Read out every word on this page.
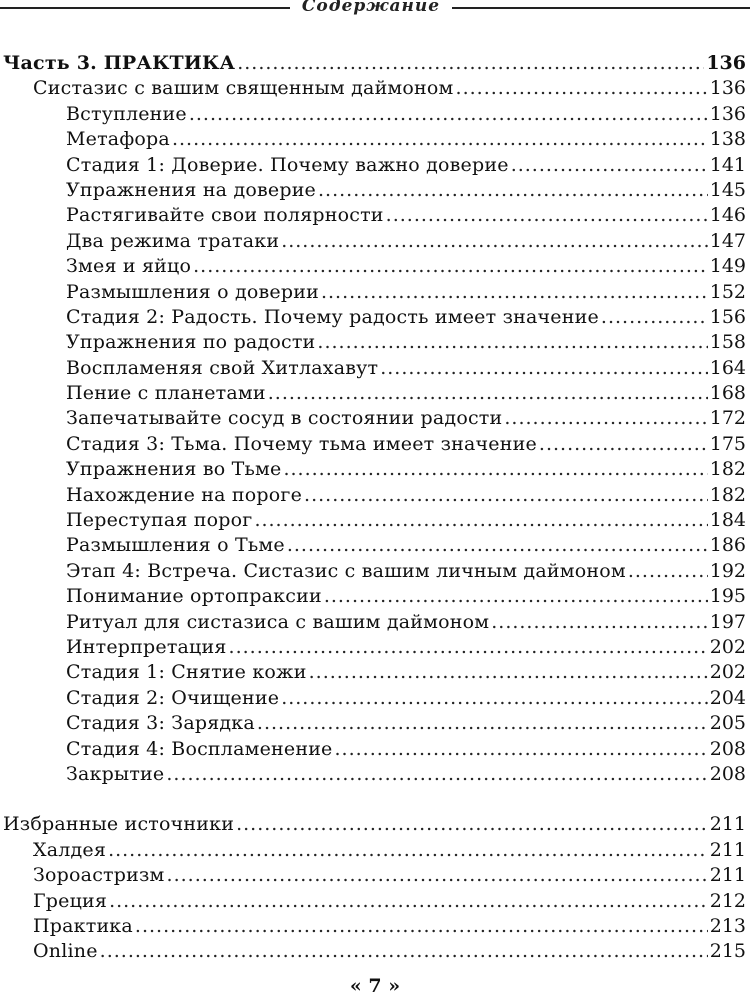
Содержание
Часть 3. ПРАКТИКА .....	136
Систазис с вашим священным даймоном .....	136
Вступление .....	136
Метафора .....	138
Стадия 1: Доверие. Почему важно доверие .....	141
Упражнения на доверие .....	145
Растягивайте свои полярности .....	146
Два режима тратаки .....	147
Змея и яйцо .....	149
Размышления о доверии .....	152
Стадия 2: Радость. Почему радость имеет значение .....	156
Упражнения по радости .....	158
Воспламеняя свой Хитлахавут .....	164
Пение с планетами .....	168
Запечатывайте сосуд в состоянии радости .....	172
Стадия 3: Тьма. Почему тьма имеет значение .....	175
Упражнения во Тьме .....	182
Нахождение на пороге .....	182
Переступая порог .....	184
Размышления о Тьме .....	186
Этап 4: Встреча. Систазис с вашим личным даймоном .....	192
Понимание ортопраксии .....	195
Ритуал для систазиса с вашим даймоном .....	197
Интерпретация .....	202
Стадия 1: Снятие кожи .....	202
Стадия 2: Очищение .....	204
Стадия 3: Зарядка .....	205
Стадия 4: Воспламенение .....	208
Закрытие .....	208
Избранные источники .....	211
Халдея .....	211
Зороастризм .....	211
Греция .....	212
Практика .....	213
Online .....	215
« 7 »
